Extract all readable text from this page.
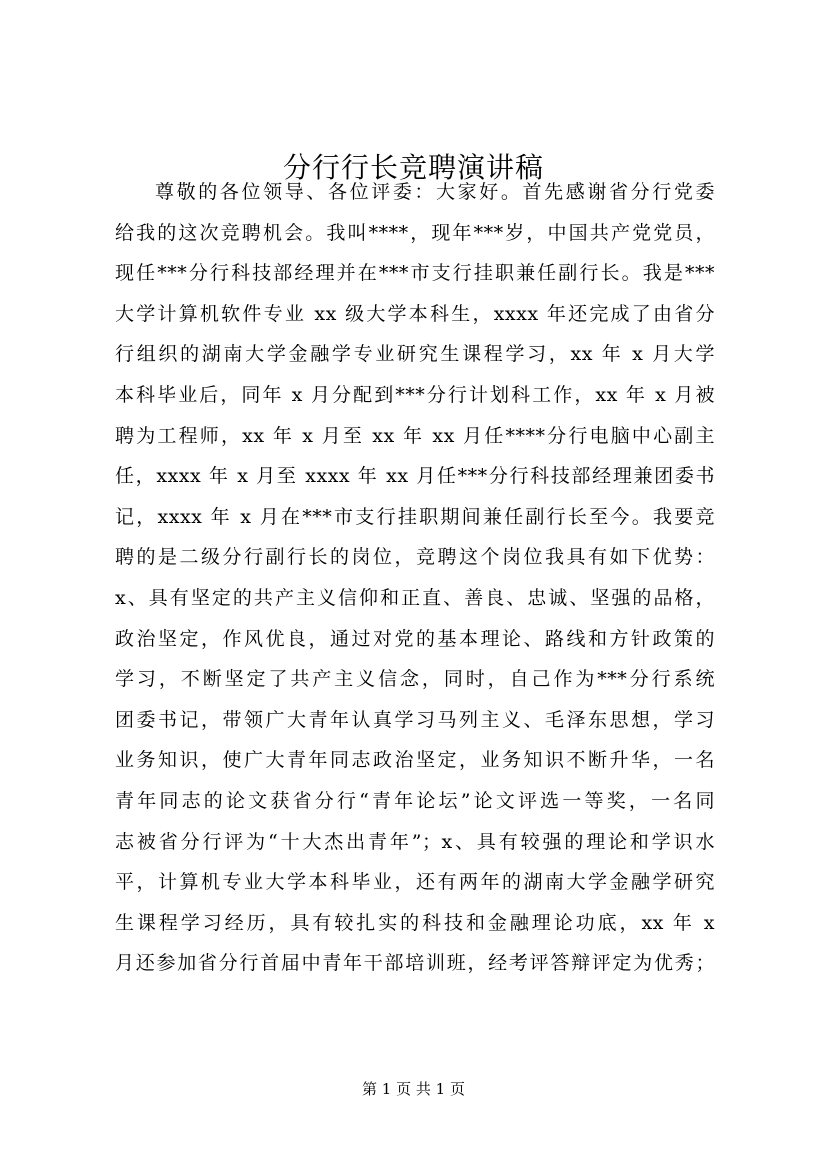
分行行长竞聘演讲稿
尊敬的各位领导、各位评委：大家好。首先感谢省分行党委
给我的这次竞聘机会。我叫****，现年***岁，中国共产党党员，
现任***分行科技部经理并在***市支行挂职兼任副行长。我是***
大学计算机软件专业 xx 级大学本科生，xxxx 年还完成了由省分
行组织的湖南大学金融学专业研究生课程学习，xx 年 x 月大学
本科毕业后，同年 x 月分配到***分行计划科工作，xx 年 x 月被
聘为工程师，xx 年 x 月至 xx 年 xx 月任****分行电脑中心副主
任，xxxx 年 x 月至 xxxx 年 xx 月任***分行科技部经理兼团委书
记，xxxx 年 x 月在***市支行挂职期间兼任副行长至今。我要竞
聘的是二级分行副行长的岗位，竞聘这个岗位我具有如下优势：
x、具有坚定的共产主义信仰和正直、善良、忠诚、坚强的品格，
政治坚定，作风优良，通过对党的基本理论、路线和方针政策的
学习，不断坚定了共产主义信念，同时，自己作为***分行系统
团委书记，带领广大青年认真学习马列主义、毛泽东思想，学习
业务知识，使广大青年同志政治坚定，业务知识不断升华，一名
青年同志的论文获省分行“青年论坛”论文评选一等奖，一名同
志被省分行评为“十大杰出青年”；x、具有较强的理论和学识水
平，计算机专业大学本科毕业，还有两年的湖南大学金融学研究
生课程学习经历，具有较扎实的科技和金融理论功底，xx 年 x
月还参加省分行首届中青年干部培训班，经考评答辩评定为优秀；
第 1 页 共 1 页
